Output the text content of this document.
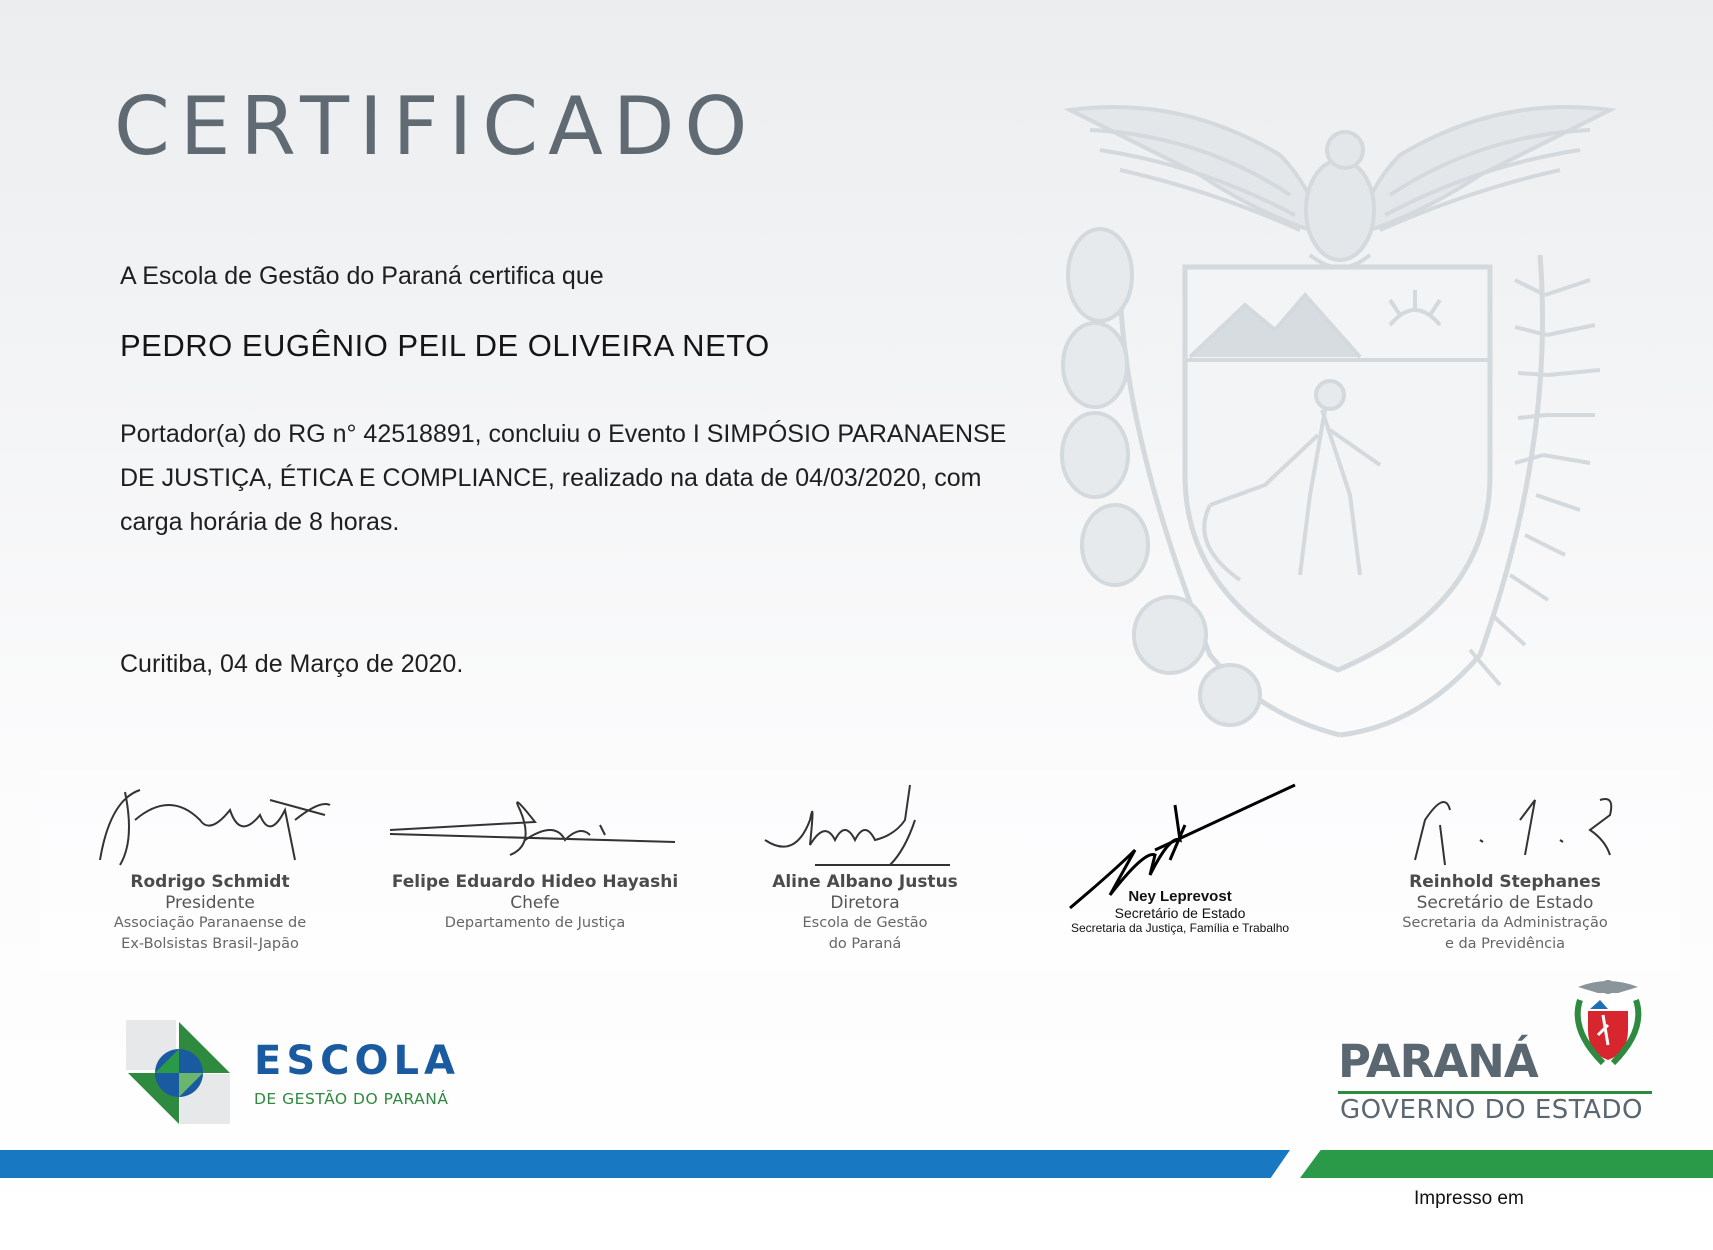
CERTIFICADO
A Escola de Gestão do Paraná certifica que
PEDRO EUGÊNIO PEIL DE OLIVEIRA NETO
Portador(a) do RG n° 42518891, concluiu o Evento I SIMPÓSIO PARANAENSE DE JUSTIÇA, ÉTICA E COMPLIANCE, realizado na data de 04/03/2020, com carga horária de 8 horas.
Curitiba, 04 de Março de 2020.
Rodrigo Schmidt
Presidente
Associação Paranaense de
Ex-Bolsistas Brasil-Japão
Felipe Eduardo Hideo Hayashi
Chefe
Departamento de Justiça
Aline Albano Justus
Diretora
Escola de Gestão
do Paraná
Ney Leprevost
Secretário de Estado
Secretaria da Justiça, Família e Trabalho
Reinhold Stephanes
Secretário de Estado
Secretaria da Administração
e da Previdência
ESCOLA
DE GESTÃO DO PARANÁ
PARANÁ
GOVERNO DO ESTADO
Impresso em
